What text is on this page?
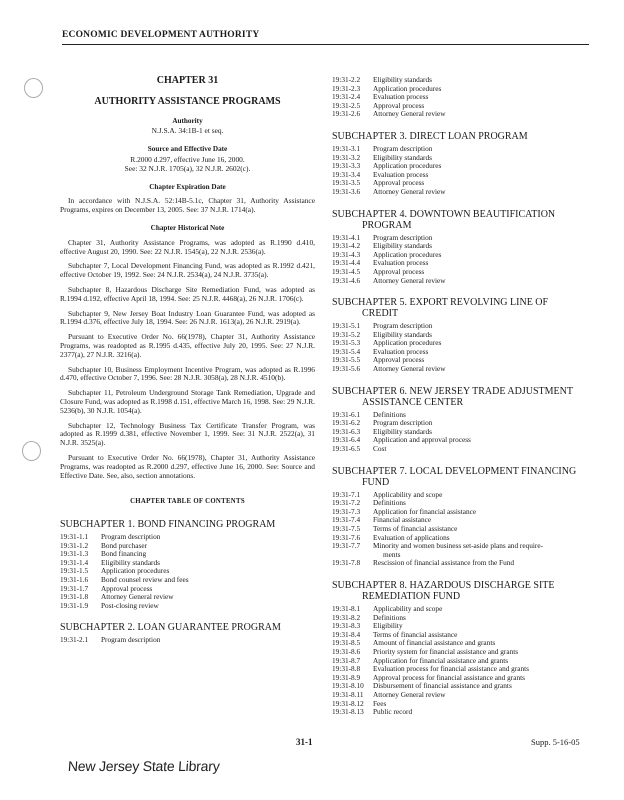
ECONOMIC DEVELOPMENT AUTHORITY
CHAPTER 31
AUTHORITY ASSISTANCE PROGRAMS
Authority
N.J.S.A. 34:1B-1 et seq.
Source and Effective Date
R.2000 d.297, effective June 16, 2000.
See: 32 N.J.R. 1705(a), 32 N.J.R. 2602(c).
Chapter Expiration Date
In accordance with N.J.S.A. 52:14B-5.1c, Chapter 31, Authority Assistance Programs, expires on December 13, 2005. See: 37 N.J.R. 1714(a).
Chapter Historical Note
Chapter 31, Authority Assistance Programs, was adopted as R.1990 d.410, effective August 20, 1990. See: 22 N.J.R. 1545(a), 22 N.J.R. 2536(a).
Subchapter 7, Local Development Financing Fund, was adopted as R.1992 d.421, effective October 19, 1992. See: 24 N.J.R. 2534(a), 24 N.J.R. 3735(a).
Subchapter 8, Hazardous Discharge Site Remediation Fund, was adopted as R.1994 d.192, effective April 18, 1994. See: 25 N.J.R. 4468(a), 26 N.J.R. 1706(c).
Subchapter 9, New Jersey Boat Industry Loan Guarantee Fund, was adopted as R.1994 d.376, effective July 18, 1994. See: 26 N.J.R. 1613(a), 26 N.J.R. 2919(a).
Pursuant to Executive Order No. 66(1978), Chapter 31, Authority Assistance Programs, was readopted as R.1995 d.435, effective July 20, 1995. See: 27 N.J.R. 2377(a), 27 N.J.R. 3216(a).
Subchapter 10, Business Employment Incentive Program, was adopted as R.1996 d.470, effective October 7, 1996. See: 28 N.J.R. 3058(a), 28 N.J.R. 4510(b).
Subchapter 11, Petroleum Underground Storage Tank Remediation, Upgrade and Closure Fund, was adopted as R.1998 d.151, effective March 16, 1998. See: 29 N.J.R. 5236(b), 30 N.J.R. 1054(a).
Subchapter 12, Technology Business Tax Certificate Transfer Program, was adopted as R.1999 d.381, effective November 1, 1999. See: 31 N.J.R. 2522(a), 31 N.J.R. 3525(a).
Pursuant to Executive Order No. 66(1978), Chapter 31, Authority Assistance Programs, was readopted as R.2000 d.297, effective June 16, 2000. See: Source and Effective Date. See, also, section annotations.
CHAPTER TABLE OF CONTENTS
SUBCHAPTER 1. BOND FINANCING PROGRAM
19:31-1.1	Program description
19:31-1.2	Bond purchaser
19:31-1.3	Bond financing
19:31-1.4	Eligibility standards
19:31-1.5	Application procedures
19:31-1.6	Bond counsel review and fees
19:31-1.7	Approval process
19:31-1.8	Attorney General review
19:31-1.9	Post-closing review
SUBCHAPTER 2. LOAN GUARANTEE PROGRAM
19:31-2.1	Program description
19:31-2.2	Eligibility standards
19:31-2.3	Application procedures
19:31-2.4	Evaluation process
19:31-2.5	Approval process
19:31-2.6	Attorney General review
SUBCHAPTER 3. DIRECT LOAN PROGRAM
19:31-3.1	Program description
19:31-3.2	Eligibility standards
19:31-3.3	Application procedures
19:31-3.4	Evaluation process
19:31-3.5	Approval process
19:31-3.6	Attorney General review
SUBCHAPTER 4. DOWNTOWN BEAUTIFICATION
PROGRAM
19:31-4.1	Program description
19:31-4.2	Eligibility standards
19:31-4.3	Application procedures
19:31-4.4	Evaluation process
19:31-4.5	Approval process
19:31-4.6	Attorney General review
SUBCHAPTER 5. EXPORT REVOLVING LINE OF
CREDIT
19:31-5.1	Program description
19:31-5.2	Eligibility standards
19:31-5.3	Application procedures
19:31-5.4	Evaluation process
19:31-5.5	Approval process
19:31-5.6	Attorney General review
SUBCHAPTER 6. NEW JERSEY TRADE ADJUSTMENT
ASSISTANCE CENTER
19:31-6.1	Definitions
19:31-6.2	Program description
19:31-6.3	Eligibility standards
19:31-6.4	Application and approval process
19:31-6.5	Cost
SUBCHAPTER 7. LOCAL DEVELOPMENT FINANCING
FUND
19:31-7.1	Applicability and scope
19:31-7.2	Definitions
19:31-7.3	Application for financial assistance
19:31-7.4	Financial assistance
19:31-7.5	Terms of financial assistance
19:31-7.6	Evaluation of applications
19:31-7.7	Minority and women business set-aside plans and require-
ments
19:31-7.8	Rescission of financial assistance from the Fund
SUBCHAPTER 8. HAZARDOUS DISCHARGE SITE
REMEDIATION FUND
19:31-8.1	Applicability and scope
19:31-8.2	Definitions
19:31-8.3	Eligibility
19:31-8.4	Terms of financial assistance
19:31-8.5	Amount of financial assistance and grants
19:31-8.6	Priority system for financial assistance and grants
19:31-8.7	Application for financial assistance and grants
19:31-8.8	Evaluation process for financial assistance and grants
19:31-8.9	Approval process for financial assistance and grants
19:31-8.10	Disbursement of financial assistance and grants
19:31-8.11	Attorney General review
19:31-8.12	Fees
19:31-8.13	Public record
31-1	Supp. 5-16-05
New Jersey State Library
